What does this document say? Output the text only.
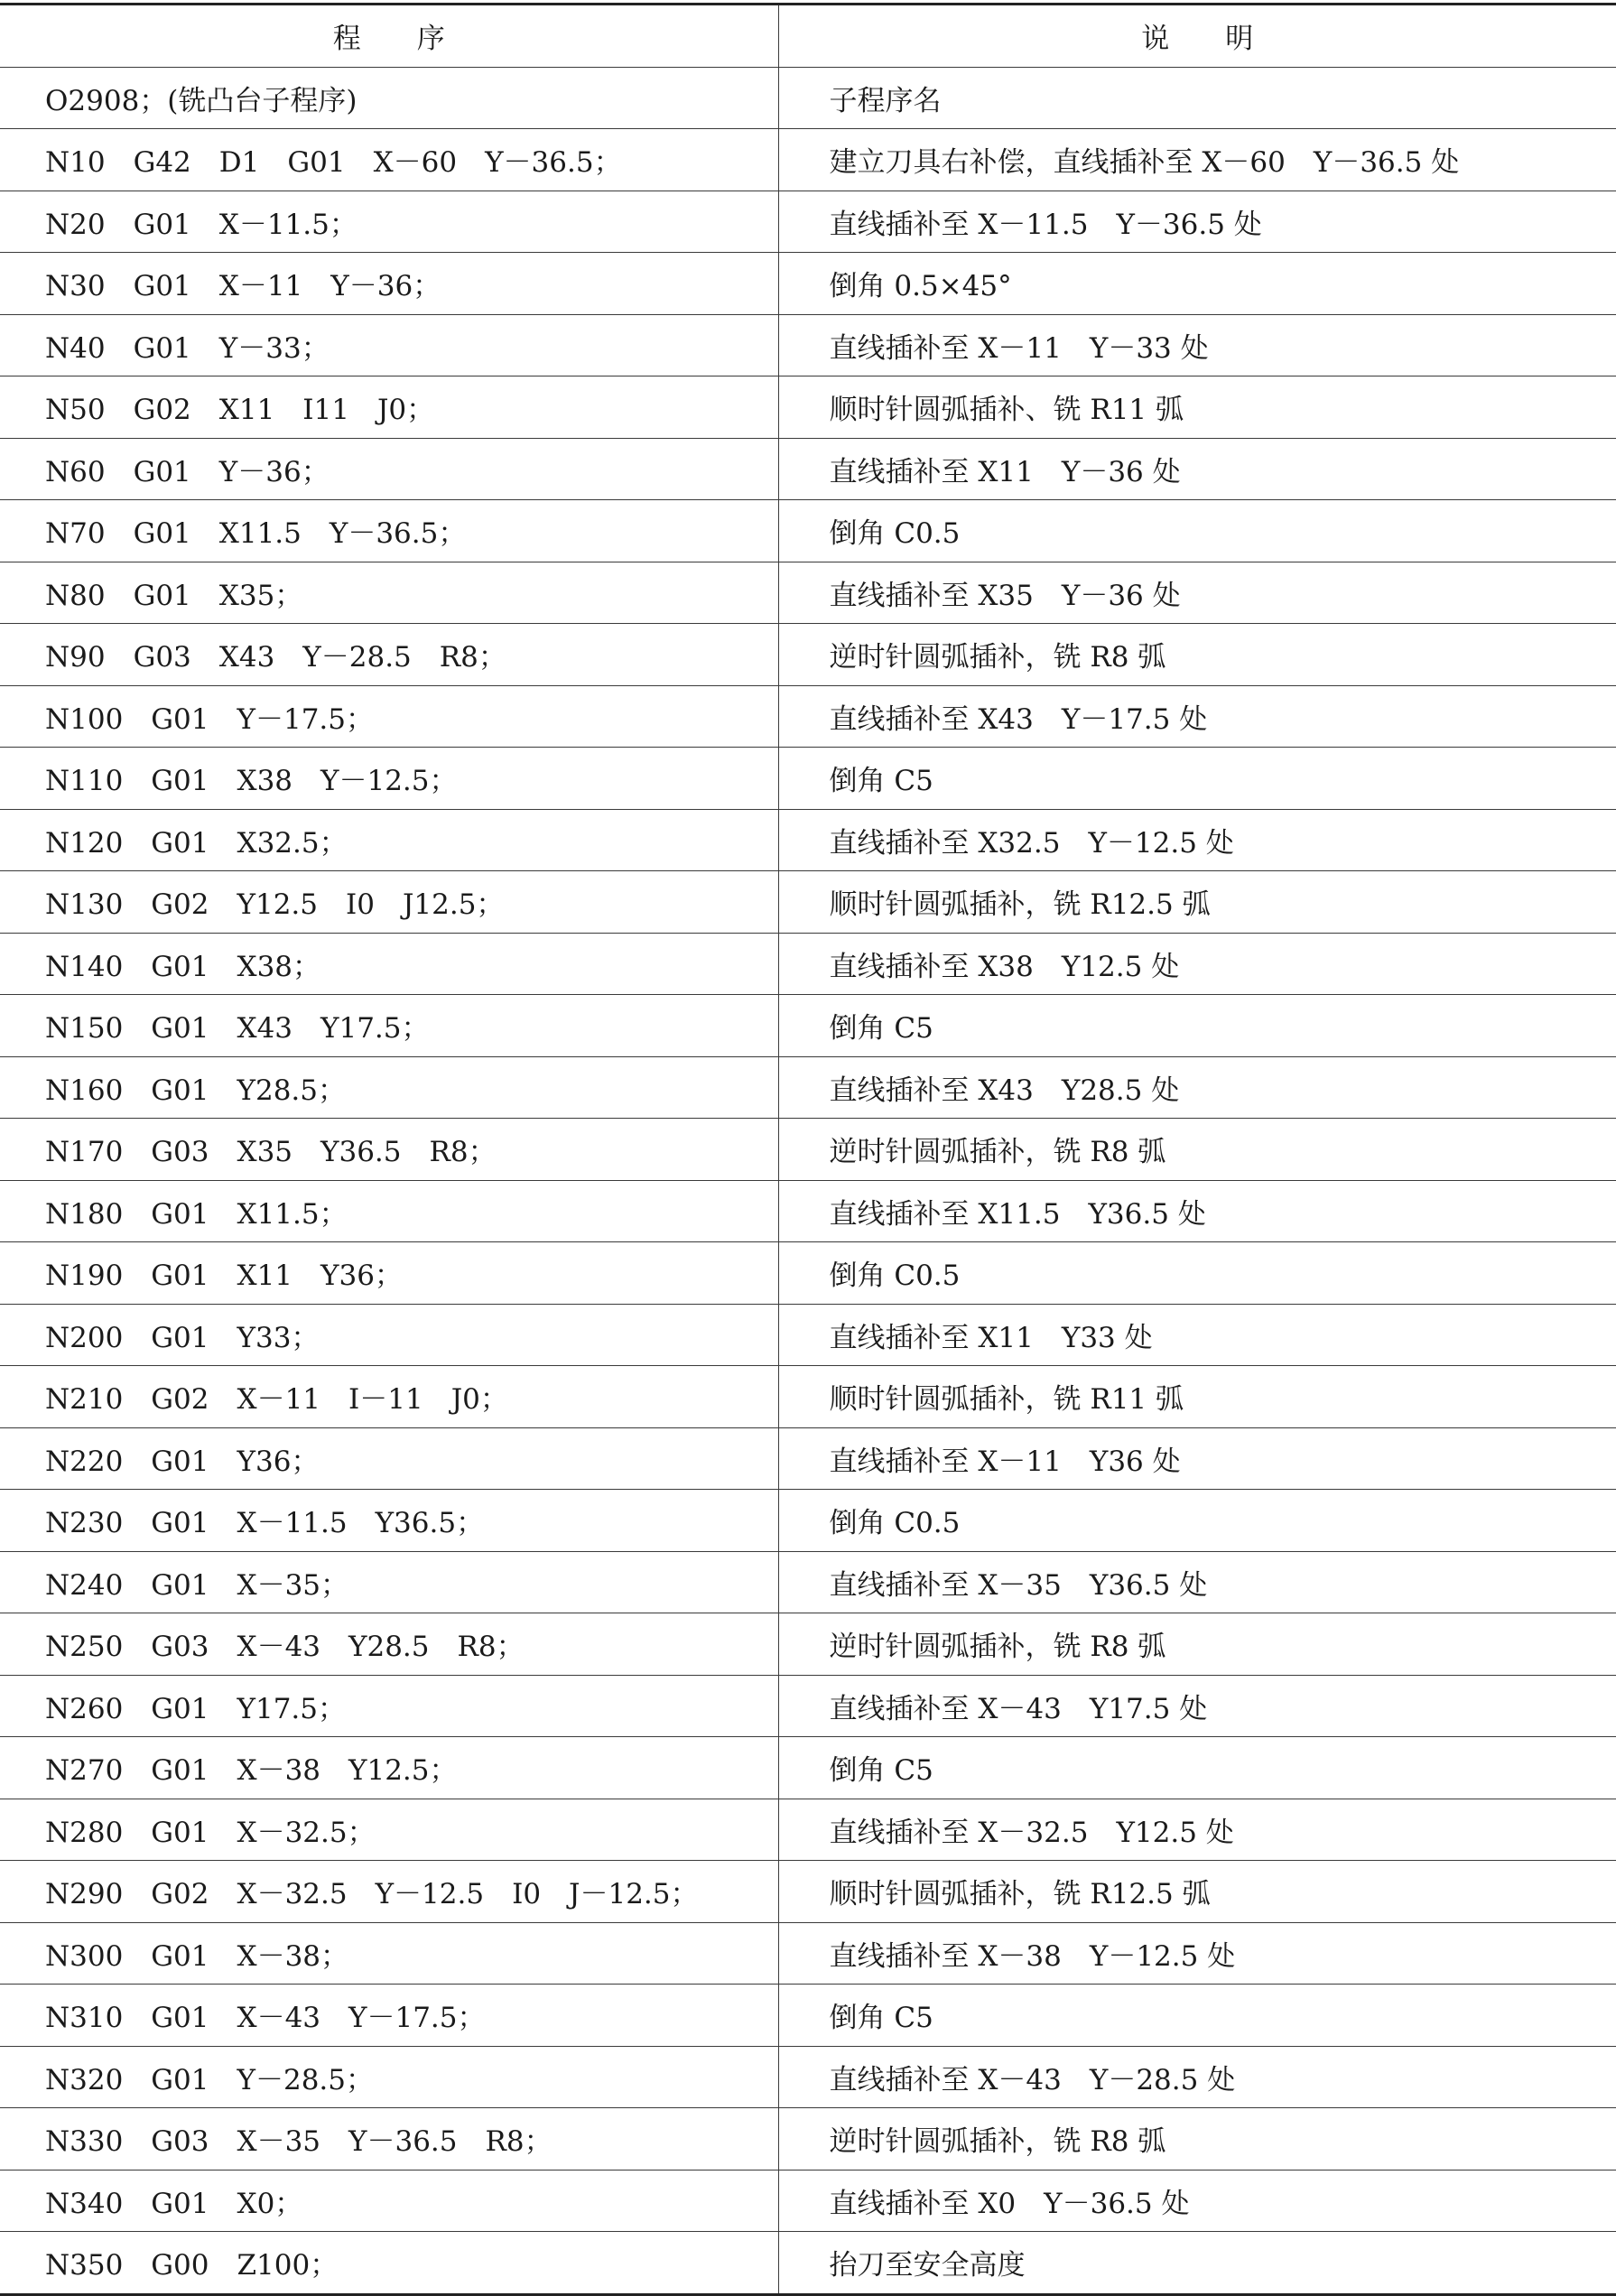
程　　序	说　　明
O2908；(铣凸台子程序)	子程序名
N10　G42　D1　G01　X－60　Y－36.5；	建立刀具右补偿，直线插补至 X－60　Y－36.5 处
N20　G01　X－11.5；	直线插补至 X－11.5　Y－36.5 处
N30　G01　X－11　Y－36；	倒角 0.5×45°
N40　G01　Y－33；	直线插补至 X－11　Y－33 处
N50　G02　X11　I11　J0；	顺时针圆弧插补、铣 R11 弧
N60　G01　Y－36；	直线插补至 X11　Y－36 处
N70　G01　X11.5　Y－36.5；	倒角 C0.5
N80　G01　X35；	直线插补至 X35　Y－36 处
N90　G03　X43　Y－28.5　R8；	逆时针圆弧插补，铣 R8 弧
N100　G01　Y－17.5；	直线插补至 X43　Y－17.5 处
N110　G01　X38　Y－12.5；	倒角 C5
N120　G01　X32.5；	直线插补至 X32.5　Y－12.5 处
N130　G02　Y12.5　I0　J12.5；	顺时针圆弧插补，铣 R12.5 弧
N140　G01　X38；	直线插补至 X38　Y12.5 处
N150　G01　X43　Y17.5；	倒角 C5
N160　G01　Y28.5；	直线插补至 X43　Y28.5 处
N170　G03　X35　Y36.5　R8；	逆时针圆弧插补，铣 R8 弧
N180　G01　X11.5；	直线插补至 X11.5　Y36.5 处
N190　G01　X11　Y36；	倒角 C0.5
N200　G01　Y33；	直线插补至 X11　Y33 处
N210　G02　X－11　I－11　J0；	顺时针圆弧插补，铣 R11 弧
N220　G01　Y36；	直线插补至 X－11　Y36 处
N230　G01　X－11.5　Y36.5；	倒角 C0.5
N240　G01　X－35；	直线插补至 X－35　Y36.5 处
N250　G03　X－43　Y28.5　R8；	逆时针圆弧插补，铣 R8 弧
N260　G01　Y17.5；	直线插补至 X－43　Y17.5 处
N270　G01　X－38　Y12.5；	倒角 C5
N280　G01　X－32.5；	直线插补至 X－32.5　Y12.5 处
N290　G02　X－32.5　Y－12.5　I0　J－12.5；	顺时针圆弧插补，铣 R12.5 弧
N300　G01　X－38；	直线插补至 X－38　Y－12.5 处
N310　G01　X－43　Y－17.5；	倒角 C5
N320　G01　Y－28.5；	直线插补至 X－43　Y－28.5 处
N330　G03　X－35　Y－36.5　R8；	逆时针圆弧插补，铣 R8 弧
N340　G01　X0；	直线插补至 X0　Y－36.5 处
N350　G00　Z100；	抬刀至安全高度
